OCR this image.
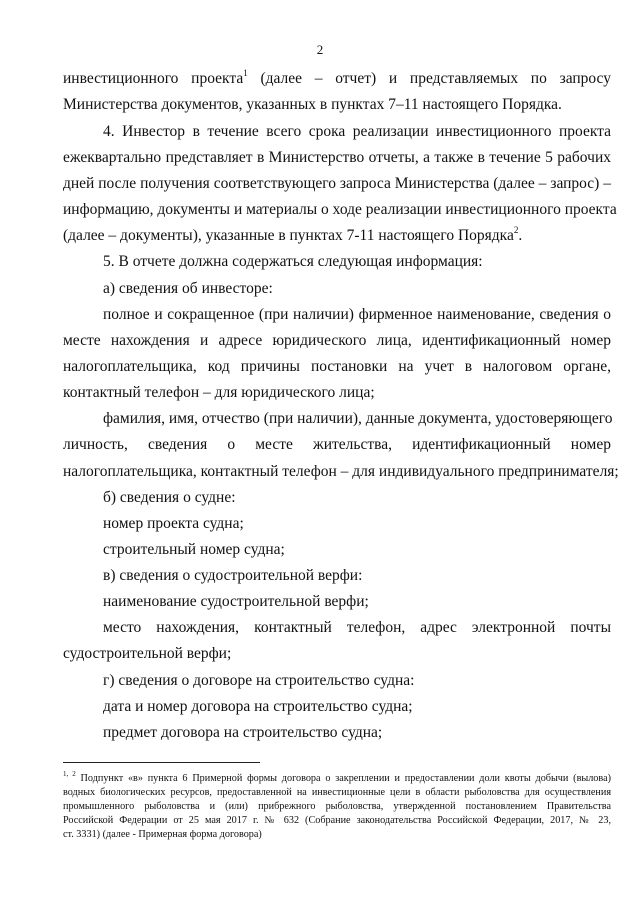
2
инвестиционного проекта$^1$ (далее – отчет) и представляемых по запросу
Министерства документов, указанных в пунктах 7–11 настоящего Порядка.
4. Инвестор в течение всего срока реализации инвестиционного проекта
ежеквартально представляет в Министерство отчеты, а также в течение 5 рабочих
дней после получения соответствующего запроса Министерства (далее – запрос) –
информацию, документы и материалы о ходе реализации инвестиционного проекта
(далее – документы), указанные в пунктах 7-11 настоящего Порядка$^2$.
5. В отчете должна содержаться следующая информация:
а) сведения об инвесторе:
полное и сокращенное (при наличии) фирменное наименование, сведения о
месте нахождения и адресе юридического лица, идентификационный номер
налогоплательщика, код причины постановки на учет в налоговом органе,
контактный телефон – для юридического лица;
фамилия, имя, отчество (при наличии), данные документа, удостоверяющего
личность, сведения о месте жительства, идентификационный номер
налогоплательщика, контактный телефон – для индивидуального предпринимателя;
б) сведения о судне:
номер проекта судна;
строительный номер судна;
в) сведения о судостроительной верфи:
наименование судостроительной верфи;
место нахождения, контактный телефон, адрес электронной почты
судостроительной верфи;
г) сведения о договоре на строительство судна:
дата и номер договора на строительство судна;
предмет договора на строительство судна;
$^{1, 2}$ Подпункт «в» пункта 6 Примерной формы договора о закреплении и предоставлении доли квоты добычи (вылова)
водных биологических ресурсов, предоставленной на инвестиционные цели в области рыболовства для осуществления
промышленного рыболовства и (или) прибрежного рыболовства, утвержденной постановлением Правительства
Российской Федерации от 25 мая 2017 г. № 632 (Собрание законодательства Российской Федерации, 2017, № 23,
ст. 3331) (далее - Примерная форма договора)
